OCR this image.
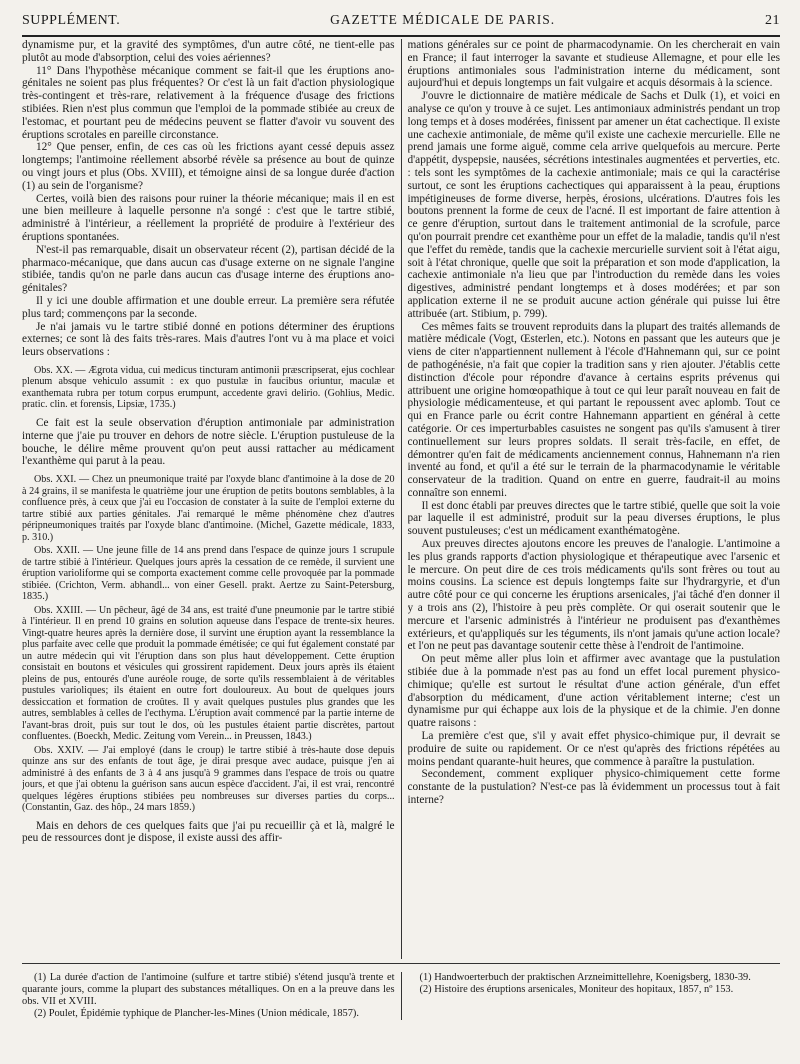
SUPPLÉMENT.	GAZETTE MÉDICALE DE PARIS.	21

dynamisme pur, et la gravité des symptômes, d'un autre côté, ne tient-elle pas plutôt au mode d'absorption, celui des voies aériennes?

11° Dans l'hypothèse mécanique comment se fait-il que les éruptions ano-génitales ne soient pas plus fréquentes? Or c'est là un fait d'action physiologique très-contingent et très-rare, relativement à la fréquence d'usage des frictions stibiées. Rien n'est plus commun que l'emploi de la pommade stibiée au creux de l'estomac, et pourtant peu de médecins peuvent se flatter d'avoir vu souvent des éruptions scrotales en pareille circonstance.

12° Que penser, enfin, de ces cas où les frictions ayant cessé depuis assez longtemps; l'antimoine réellement absorbé révèle sa présence au bout de quinze ou vingt jours et plus (Obs. XVIII), et témoigne ainsi de sa longue durée d'action (1) au sein de l'organisme?

Certes, voilà bien des raisons pour ruiner la théorie mécanique; mais il en est une bien meilleure à laquelle personne n'a songé : c'est que le tartre stibié, administré à l'intérieur, a réellement la propriété de produire à l'extérieur des éruptions spontanées.

N'est-il pas remarquable, disait un observateur récent (2), partisan décidé de la pharmaco-mécanique, que dans aucun cas d'usage externe on ne signale l'angine stibiée, tandis qu'on ne parle dans aucun cas d'usage interne des éruptions ano-génitales?

Il y ici une double affirmation et une double erreur. La première sera réfutée plus tard; commençons par la seconde.

Je n'ai jamais vu le tartre stibié donné en potions déterminer des éruptions externes; ce sont là des faits très-rares. Mais d'autres l'ont vu à ma place et voici leurs observations :

Obs. XX. — Ægrota vidua, cui medicus tincturam antimonii præscripserat, ejus cochlear plenum absque vehiculo assumit : ex quo pustulæ in faucibus oriuntur, maculæ et exanthemata rubra per totum corpus erumpunt, accedente gravi delirio. (Gohlius, Medic. pratic. clin. et forensis, Lipsiæ, 1735.)

Ce fait est la seule observation d'éruption antimoniale par administration interne que j'aie pu trouver en dehors de notre siècle. L'éruption pustuleuse de la bouche, le délire même prouvent qu'on peut aussi rattacher au médicament l'exanthème qui parut à la peau.

Obs. XXI. — Chez un pneumonique traité par l'oxyde blanc d'antimoine à la dose de 20 à 24 grains, il se manifesta le quatrième jour une éruption de petits boutons semblables, à la confluence près, à ceux que j'ai eu l'occasion de constater à la suite de l'emploi externe du tartre stibié aux parties génitales. J'ai remarqué le même phénomène chez d'autres péripneumoniques traités par l'oxyde blanc d'antimoine. (Michel, Gazette médicale, 1833, p. 310.)

Obs. XXII. — Une jeune fille de 14 ans prend dans l'espace de quinze jours 1 scrupule de tartre stibié à l'intérieur. Quelques jours après la cessation de ce remède, il survient une éruption varioliforme qui se comporta exactement comme celle provoquée par la pommade stibiée. (Crichton, Verm. abhandl... von einer Gesell. prakt. Aertze zu Saint-Petersburg, 1835.)

Obs. XXIII. — Un pêcheur, âgé de 34 ans, est traité d'une pneumonie par le tartre stibié à l'intérieur. Il en prend 10 grains en solution aqueuse dans l'espace de trente-six heures. Vingt-quatre heures après la dernière dose, il survint une éruption ayant la ressemblance la plus parfaite avec celle que produit la pommade émétisée; ce qui fut également constaté par un autre médecin qui vit l'éruption dans son plus haut développement. Cette éruption consistait en boutons et vésicules qui grossirent rapidement. Deux jours après ils étaient pleins de pus, entourés d'une auréole rouge, de sorte qu'ils ressemblaient à de véritables pustules varioliques; ils étaient en outre fort douloureux. Au bout de quelques jours dessiccation et formation de croûtes. Il y avait quelques pustules plus grandes que les autres, semblables à celles de l'ecthyma. L'éruption avait commencé par la partie interne de l'avant-bras droit, puis sur tout le dos, où les pustules étaient partie discrètes, partout confluentes. (Boeckh, Medic. Zeitung vom Verein... in Preussen, 1843.)

Obs. XXIV. — J'ai employé (dans le croup) le tartre stibié à très-haute dose depuis quinze ans sur des enfants de tout âge, je dirai presque avec audace, puisque j'en ai administré à des enfants de 3 à 4 ans jusqu'à 9 grammes dans l'espace de trois ou quatre jours, et que j'ai obtenu la guérison sans aucun espèce d'accident. J'ai, il est vrai, rencontré quelques légères éruptions stibiées peu nombreuses sur diverses parties du corps... (Constantin, Gaz. des hôp., 24 mars 1859.)

Mais en dehors de ces quelques faits que j'ai pu recueillir çà et là, malgré le peu de ressources dont je dispose, il existe aussi des affir-

mations générales sur ce point de pharmacodynamie. On les chercherait en vain en France; il faut interroger la savante et studieuse Allemagne, et pour elle les éruptions antimoniales sous l'administration interne du médicament, sont aujourd'hui et depuis longtemps un fait vulgaire et acquis désormais à la science.

J'ouvre le dictionnaire de matière médicale de Sachs et Dulk (1), et voici en analyse ce qu'on y trouve à ce sujet. Les antimoniaux administrés pendant un trop long temps et à doses modérées, finissent par amener un état cachectique. Il existe une cachexie antimoniale, de même qu'il existe une cachexie mercurielle. Elle ne prend jamais une forme aiguë, comme cela arrive quelquefois au mercure. Perte d'appétit, dyspepsie, nausées, sécrétions intestinales augmentées et perverties, etc. : tels sont les symptômes de la cachexie antimoniale; mais ce qui la caractérise surtout, ce sont les éruptions cachectiques qui apparaissent à la peau, éruptions impétigineuses de forme diverse, herpès, érosions, ulcérations. D'autres fois les boutons prennent la forme de ceux de l'acné. Il est important de faire attention à ce genre d'éruption, surtout dans le traitement antimonial de la scrofule, parce qu'on pourrait prendre cet exanthème pour un effet de la maladie, tandis qu'il n'est que l'effet du remède, tandis que la cachexie mercurielle survient soit à l'état aigu, soit à l'état chronique, quelle que soit la préparation et son mode d'application, la cachexie antimoniale n'a lieu que par l'introduction du remède dans les voies digestives, administré pendant longtemps et à doses modérées; et par son application externe il ne se produit aucune action générale qui puisse lui être attribuée (art. Stibium, p. 799).

Ces mêmes faits se trouvent reproduits dans la plupart des traités allemands de matière médicale (Vogt, Œsterlen, etc.). Notons en passant que les auteurs que je viens de citer n'appartiennent nullement à l'école d'Hahnemann qui, sur ce point de pathogénésie, n'a fait que copier la tradition sans y rien ajouter. J'établis cette distinction d'école pour répondre d'avance à certains esprits prévenus qui attribuent une origine homœopathique à tout ce qui leur paraît nouveau en fait de physiologie médicamenteuse, et qui partant le repoussent avec aplomb. Tout ce qui en France parle ou écrit contre Hahnemann appartient en général à cette catégorie. Or ces imperturbables casuistes ne songent pas qu'ils s'amusent à tirer continuellement sur leurs propres soldats. Il serait très-facile, en effet, de démontrer qu'en fait de médicaments anciennement connus, Hahnemann n'a rien inventé au fond, et qu'il a été sur le terrain de la pharmacodynamie le véritable conservateur de la tradition. Quand on entre en guerre, faudrait-il au moins connaître son ennemi.

Il est donc établi par preuves directes que le tartre stibié, quelle que soit la voie par laquelle il est administré, produit sur la peau diverses éruptions, le plus souvent pustuleuses; c'est un médicament exanthématogène.

Aux preuves directes ajoutons encore les preuves de l'analogie. L'antimoine a les plus grands rapports d'action physiologique et thérapeutique avec l'arsenic et le mercure. On peut dire de ces trois médicaments qu'ils sont frères ou tout au moins cousins. La science est depuis longtemps faite sur l'hydrargyrie, et d'un autre côté pour ce qui concerne les éruptions arsenicales, j'ai tâché d'en donner il y a trois ans (2), l'histoire à peu près complète. Or qui oserait soutenir que le mercure et l'arsenic administrés à l'intérieur ne produisent pas d'exanthèmes extérieurs, et qu'appliqués sur les téguments, ils n'ont jamais qu'une action locale? et l'on ne peut pas davantage soutenir cette thèse à l'endroit de l'antimoine.

On peut même aller plus loin et affirmer avec avantage que la pustulation stibiée due à la pommade n'est pas au fond un effet local purement physico-chimique; qu'elle est surtout le résultat d'une action générale, d'un effet d'absorption du médicament, d'une action véritablement interne; c'est un dynamisme pur qui échappe aux lois de la physique et de la chimie. J'en donne quatre raisons :

La première c'est que, s'il y avait effet physico-chimique pur, il devrait se produire de suite ou rapidement. Or ce n'est qu'après des frictions répétées au moins pendant quarante-huit heures, que commence à paraître la pustulation.

Secondement, comment expliquer physico-chimiquement cette forme constante de la pustulation? N'est-ce pas là évidemment un processus tout à fait interne?

(1) La durée d'action de l'antimoine (sulfure et tartre stibié) s'étend jusqu'à trente et quarante jours, comme la plupart des substances métalliques. On en a la preuve dans les obs. VII et XVIII.

(2) Poulet, Épidémie typhique de Plancher-les-Mines (Union médicale, 1857).

(1) Handwoerterbuch der praktischen Arzneimittellehre, Koenigsberg, 1830-39.

(2) Histoire des éruptions arsenicales, Moniteur des hopitaux, 1857, nº 153.
